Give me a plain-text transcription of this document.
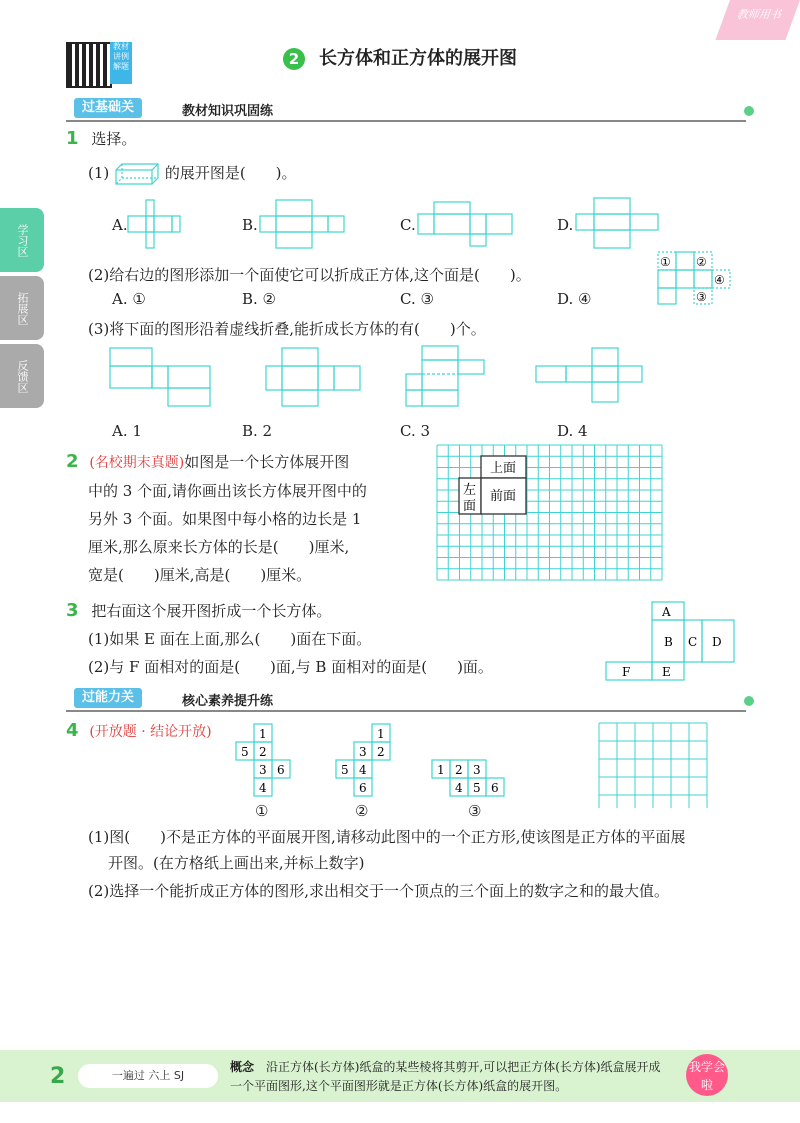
教材讲例解题
教师用书
2 长方体和正方体的展开图
学习区
拓展区
反馈区
过基础关	教材知识巩固练
1 选择。
(1)	的展开图是(　　)。
A.	B.	C.	D.
(2)给右边的图形添加一个面使它可以折成正方体,这个面是(　　)。
A. ①	B. ②	C. ③	D. ④
① ②
③
④
(3)将下面的图形沿着虚线折叠,能折成长方体的有(　　)个。
A. 1	B. 2	C. 3	D. 4
2 (名校期末真题)如图是一个长方体展开图
中的 3 个面,请你画出该长方体展开图中的
另外 3 个面。如果图中每小格的边长是 1
厘米,那么原来长方体的长是(　　)厘米,
宽是(　　)厘米,高是(　　)厘米。
上面
左
面
前面
3 把右面这个展开图折成一个长方体。
(1)如果 E 面在上面,那么(　　)面在下面。
(2)与 F 面相对的面是(　　)面,与 B 面相对的面是(　　)面。
A
B C D
F	E
过能力关	核心素养提升练
4 (开放题 · 结论开放)	1
5 2
3 6
4
1
3 2
5 4
6
1 2 3
4 5 6
①	②	③
(1)图(　　)不是正方体的平面展开图,请移动此图中的一个正方形,使该图是正方体的平面展
开图。(在方格纸上画出来,并标上数字)
(2)选择一个能折成正方体的图形,求出相交于一个顶点的三个面上的数字之和的最大值。
2	一遍过 六上 SJ
概念 沿正方体(长方体)纸盒的某些棱将其剪开,可以把正方体(长方体)纸盒展开成一个平面图形,这个平面图形就是正方体(长方体)纸盒的展开图。
我学会啦
